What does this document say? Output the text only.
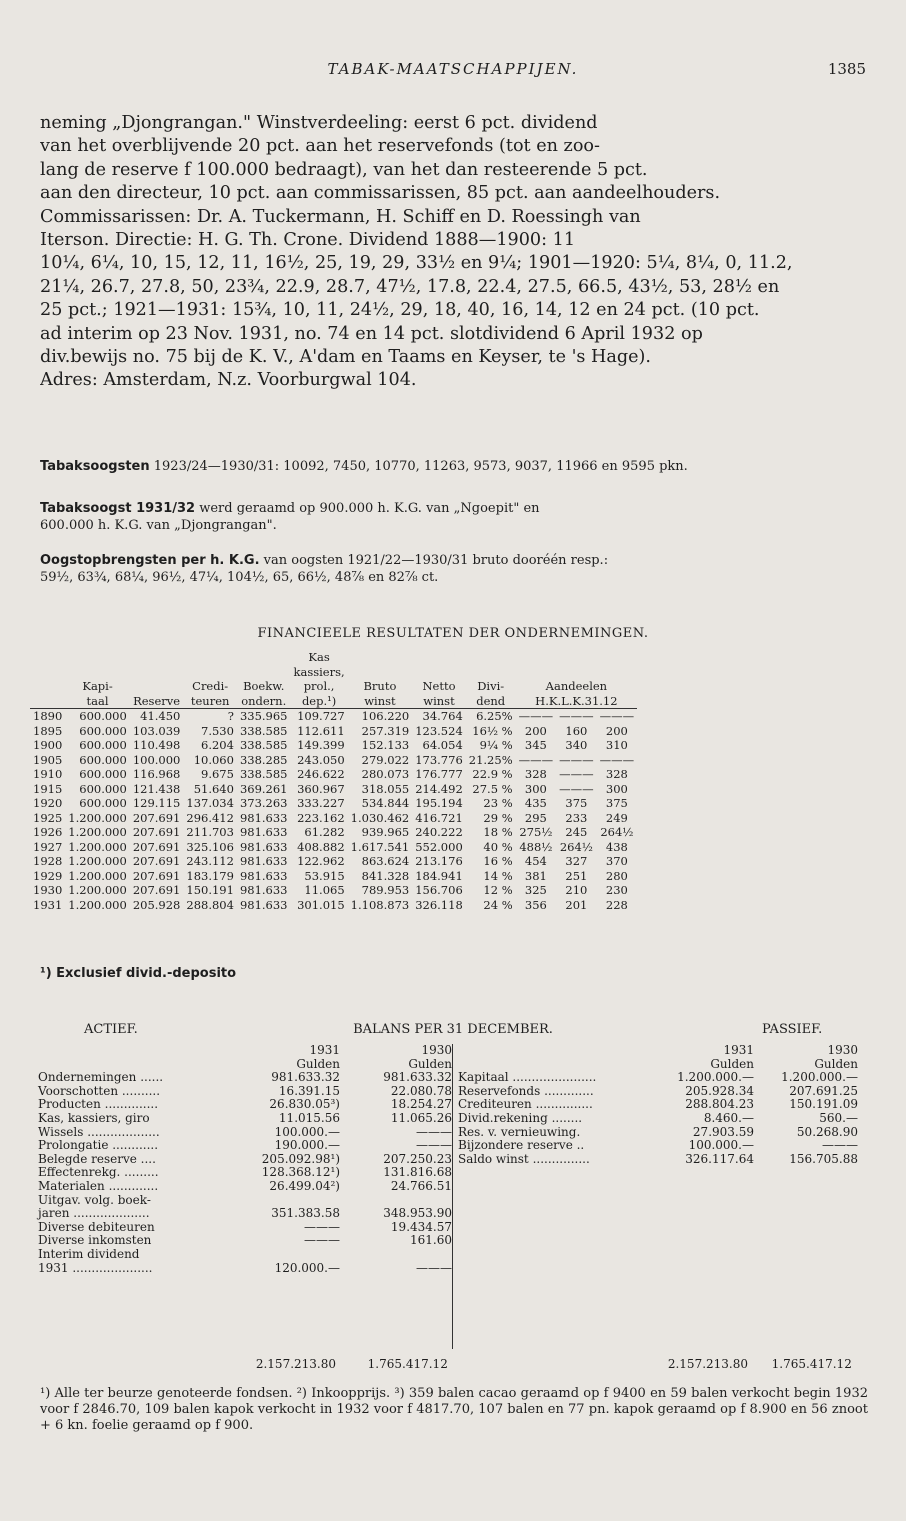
TABAK-MAATSCHAPPIJEN.	1385
neming „Djongrangan." Winstverdeeling: eerst 6 pct. dividend
van het overblijvende 20 pct. aan het reservefonds (tot en zoo-
lang de reserve f 100.000 bedraagt), van het dan resteerende 5 pct.
aan den directeur, 10 pct. aan commissarissen, 85 pct. aan aandeelhouders.
Commissarissen: Dr. A. Tuckermann, H. Schiff en D. Roessingh van
Iterson. Directie: H. G. Th. Crone. Dividend 1888—1900: 11
10¼, 6¼, 10, 15, 12, 11, 16½, 25, 19, 29, 33½ en 9¼; 1901—1920: 5¼, 8¼, 0, 11.2,
21¼, 26.7, 27.8, 50, 23¾, 22.9, 28.7, 47½, 17.8, 22.4, 27.5, 66.5, 43½, 53, 28½ en
25 pct.; 1921—1931: 15¾, 10, 11, 24½, 29, 18, 40, 16, 14, 12 en 24 pct. (10 pct.
ad interim op 23 Nov. 1931, no. 74 en 14 pct. slotdividend 6 April 1932 op
div.bewijs no. 75 bij de K. V., A'dam en Taams en Keyser, te 's Hage).
Adres: Amsterdam, N.z. Voorburgwal 104.
Tabaksoogsten 1923/24—1930/31: 10092, 7450, 10770, 11263, 9573, 9037, 11966 en 9595 pkn.
Tabaksoogst 1931/32 werd geraamd op 900.000 h. K.G. van „Ngoepit" en
600.000 h. K.G. van „Djongrangan".
Oogstopbrengsten per h. K.G. van oogsten 1921/22—1930/31 bruto dooréén resp.:
59½, 63¾, 68¼, 96½, 47¼, 104½, 65, 66½, 48⅞ en 82⅞ ct.
FINANCIEELE RESULTATEN DER ONDERNEMINGEN.
	Kapi-
taal	Reserve	Credi-
teuren	Boekw.
ondern.	Kas
kassiers,
prol.,
dep.¹)	Bruto
winst	Netto
winst	Divi-
dend	Aandeelen
H.K.L.K.31.12		
1890	600.000	41.450	?	335.965	109.727	106.220	34.764	6.25%	———	———	———
1895	600.000	103.039	7.530	338.585	112.611	257.319	123.524	16½ %	200	160	200
1900	600.000	110.498	6.204	338.585	149.399	152.133	64.054	9¼ %	345	340	310
1905	600.000	100.000	10.060	338.285	243.050	279.022	173.776	21.25%	———	———	———
1910	600.000	116.968	9.675	338.585	246.622	280.073	176.777	22.9 %	328	———	328
1915	600.000	121.438	51.640	369.261	360.967	318.055	214.492	27.5 %	300	———	300
1920	600.000	129.115	137.034	373.263	333.227	534.844	195.194	23 %	435	375	375
1925	1.200.000	207.691	296.412	981.633	223.162	1.030.462	416.721	29 %	295	233	249
1926	1.200.000	207.691	211.703	981.633	61.282	939.965	240.222	18 %	275½	245	264½
1927	1.200.000	207.691	325.106	981.633	408.882	1.617.541	552.000	40 %	488½	264½	438
1928	1.200.000	207.691	243.112	981.633	122.962	863.624	213.176	16 %	454	327	370
1929	1.200.000	207.691	183.179	981.633	53.915	841.328	184.941	14 %	381	251	280
1930	1.200.000	207.691	150.191	981.633	11.065	789.953	156.706	12 %	325	210	230
1931	1.200.000	205.928	288.804	981.633	301.015	1.108.873	326.118	24 %	356	201	228
¹) Exclusief divid.-deposito
ACTIEF.	BALANS PER 31 DECEMBER.	PASSIEF.
	1931	1930
	Gulden	Gulden
Ondernemingen ......	981.633.32	981.633.32
Voorschotten ..........	16.391.15	22.080.78
Producten ..............	26.830.05³)	18.254.27
Kas, kassiers, giro	11.015.56	11.065.26
Wissels ...................	100.000.—	———
Prolongatie ............	190.000.—	———
Belegde reserve ....	205.092.98¹)	207.250.23
Effectenrekg. .........	128.368.12¹)	131.816.68
Materialen .............	26.499.04²)	24.766.51
Uitgav. volg. boek-		
jaren ....................	351.383.58	348.953.90
Diverse debiteuren	———	19.434.57
Diverse inkomsten	———	161.60
Interim dividend		
1931 .....................	120.000.—	———
	1931	1930
	Gulden	Gulden
Kapitaal ......................	1.200.000.—	1.200.000.—
Reservefonds .............	205.928.34	207.691.25
Crediteuren ...............	288.804.23	150.191.09
Divid.rekening ........	8.460.—	560.—
Res. v. vernieuwing.	27.903.59	50.268.90
Bijzondere reserve ..	100.000.—	———
Saldo winst ...............	326.117.64	156.705.88
2.157.213.80	1.765.417.12	2.157.213.80 1.765.417.12
¹) Alle ter beurze genoteerde fondsen. ²) Inkoopprijs. ³) 359 balen cacao geraamd op f 9400 en 59 balen verkocht begin 1932 voor f 2846.70, 109 balen kapok verkocht in 1932 voor f 4817.70, 107 balen en 77 pn. kapok geraamd op f 8.900 en 56 znoot + 6 kn. foelie geraamd op f 900.
